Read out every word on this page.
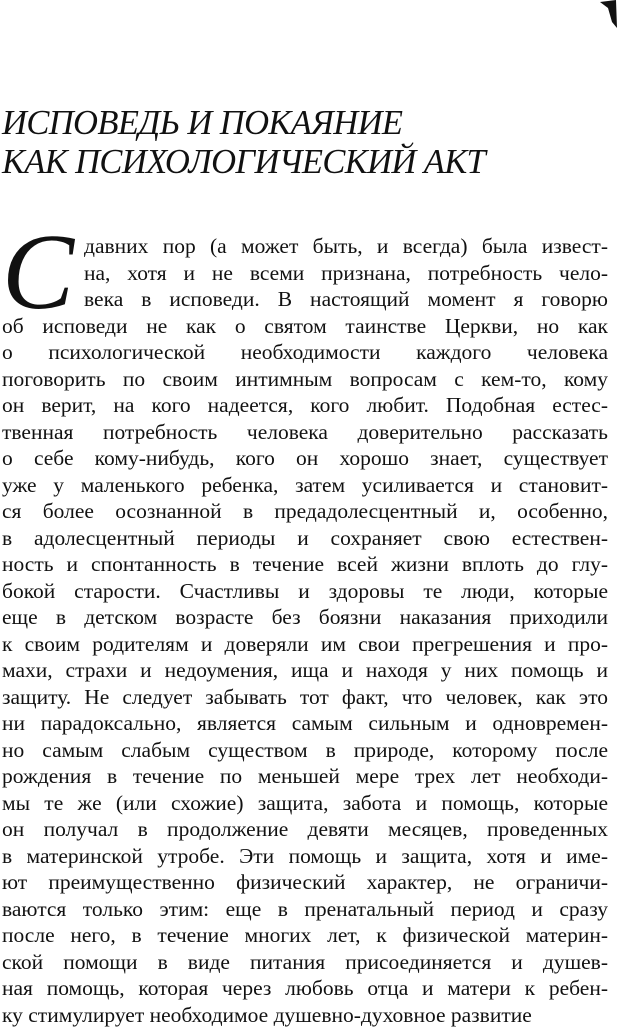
ИСПОВЕДЬ И ПОКАЯНИЕ
КАК ПСИХОЛОГИЧЕСКИЙ АКТ
С давних пор (а может быть, и всегда) была извест-
на, хотя и не всеми признана, потребность чело-
века в исповеди. В настоящий момент я говорю
об исповеди не как о святом таинстве Церкви, но как
о психологической необходимости каждого человека
поговорить по своим интимным вопросам с кем-то, кому
он верит, на кого надеется, кого любит. Подобная естес-
твенная потребность человека доверительно рассказать
о себе кому-нибудь, кого он хорошо знает, существует
уже у маленького ребенка, затем усиливается и становит-
ся более осознанной в предадолесцентный и, особенно,
в адолесцентный периоды и сохраняет свою естествен-
ность и спонтанность в течение всей жизни вплоть до глу-
бокой старости. Счастливы и здоровы те люди, которые
еще в детском возрасте без боязни наказания приходили
к своим родителям и доверяли им свои прегрешения и про-
махи, страхи и недоумения, ища и находя у них помощь и
защиту. Не следует забывать тот факт, что человек, как это
ни парадоксально, является самым сильным и одновремен-
но самым слабым существом в природе, которому после
рождения в течение по меньшей мере трех лет необходи-
мы те же (или схожие) защита, забота и помощь, которые
он получал в продолжение девяти месяцев, проведенных
в материнской утробе. Эти помощь и защита, хотя и име-
ют преимущественно физический характер, не ограничи-
ваются только этим: еще в пренатальный период и сразу
после него, в течение многих лет, к физической материн-
ской помощи в виде питания присоединяется и душев-
ная помощь, которая через любовь отца и матери к ребен-
ку стимулирует необходимое душевно-духовное развитие
